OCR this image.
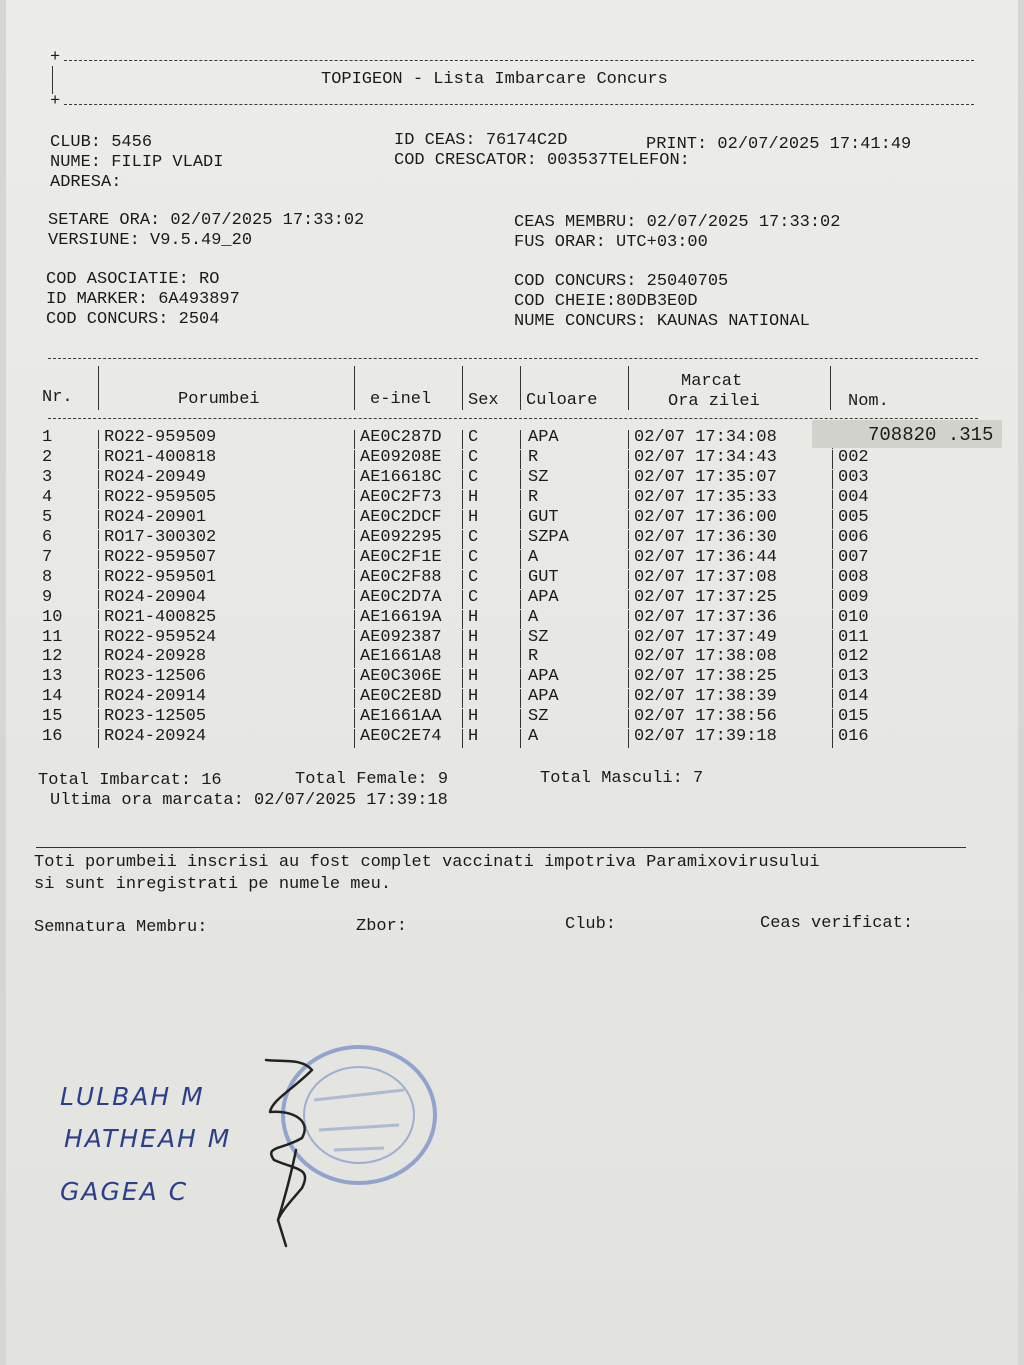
+
TOPIGEON - Lista Imbarcare Concurs
+
CLUB: 5456	ID CEAS: 76174C2D	PRINT: 02/07/2025 17:41:49
NUME: FILIP VLADI	COD CRESCATOR: 003537TELEFON:
ADRESA:
SETARE ORA: 02/07/2025 17:33:02	CEAS MEMBRU: 02/07/2025 17:33:02
VERSIUNE: V9.5.49_20	FUS ORAR: UTC+03:00
COD ASOCIATIE: RO	COD CONCURS: 25040705
ID MARKER: 6A493897	COD CHEIE:80DB3E0D
COD CONCURS: 2504	NUME CONCURS: KAUNAS NATIONAL
Nr.	Porumbei	e-inel Sex Culoare
Marcat
Ora zilei	Nom.
1	RO22-959509	AE0C287D C	APA	02/07 17:34:08
2	RO21-400818	AE09208E C	R	02/07 17:34:43	002
3	RO24-20949	AE16618C C	SZ	02/07 17:35:07	003
4	RO22-959505	AE0C2F73 H	R	02/07 17:35:33	004
5	RO24-20901	AE0C2DCF H	GUT	02/07 17:36:00	005
6	RO17-300302	AE092295 C	SZPA	02/07 17:36:30	006
7	RO22-959507	AE0C2F1E C	A	02/07 17:36:44	007
8	RO22-959501	AE0C2F88 C	GUT	02/07 17:37:08	008
9	RO24-20904	AE0C2D7A C	APA	02/07 17:37:25	009
10 RO21-400825	AE16619A H	A	02/07 17:37:36	010
11 RO22-959524	AE092387 H	SZ	02/07 17:37:49	011
12 RO24-20928	AE1661A8 H	R	02/07 17:38:08	012
13 RO23-12506	AE0C306E H	APA	02/07 17:38:25	013
14 RO24-20914	AE0C2E8D H	APA	02/07 17:38:39	014
15 RO23-12505	AE1661AA H	SZ	02/07 17:38:56	015
16 RO24-20924	AE0C2E74 H	A	02/07 17:39:18	016
708820 .315
Total Imbarcat: 16	Total Female: 9	Total Masculi: 7
Ultima ora marcata: 02/07/2025 17:39:18
Toti porumbeii inscrisi au fost complet vaccinati impotriva Paramixovirusului
si sunt inregistrati pe numele meu.
Semnatura Membru:	Zbor:	Club:	Ceas verificat:
LULBAH M
HATHEAH M
GAGEA C
